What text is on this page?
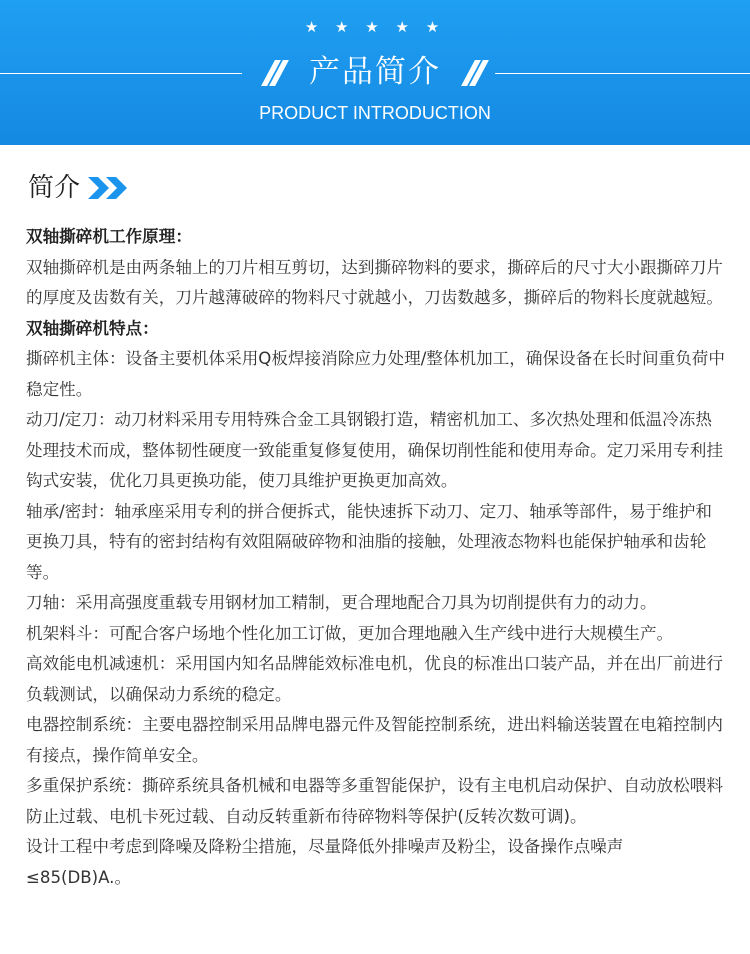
★ ★ ★ ★ ★
产品简介
PRODUCT INTRODUCTION
简介

双轴撕碎机工作原理：

双轴撕碎机是由两条轴上的刀片相互剪切，达到撕碎物料的要求，撕碎后的尺寸大小跟撕碎刀片的厚度及齿数有关，刀片越薄破碎的物料尺寸就越小，刀齿数越多，撕碎后的物料长度就越短。

双轴撕碎机特点：

撕碎机主体：设备主要机体采用Q板焊接消除应力处理/整体机加工，确保设备在长时间重负荷中稳定性。

动刀/定刀：动刀材料采用专用特殊合金工具钢锻打造，精密机加工、多次热处理和低温冷冻热处理技术而成，整体韧性硬度一致能重复修复使用，确保切削性能和使用寿命。定刀采用专利挂钩式安装，优化刀具更换功能，使刀具维护更换更加高效。

轴承/密封：轴承座采用专利的拼合便拆式，能快速拆下动刀、定刀、轴承等部件，易于维护和更换刀具，特有的密封结构有效阻隔破碎物和油脂的接触，处理液态物料也能保护轴承和齿轮等。

刀轴：采用高强度重载专用钢材加工精制，更合理地配合刀具为切削提供有力的动力。

机架料斗：可配合客户场地个性化加工订做，更加合理地融入生产线中进行大规模生产。

高效能电机减速机：采用国内知名品牌能效标准电机，优良的标准出口装产品，并在出厂前进行负载测试，以确保动力系统的稳定。

电器控制系统：主要电器控制采用品牌电器元件及智能控制系统，进出料输送装置在电箱控制内有接点，操作简单安全。

多重保护系统：撕碎系统具备机械和电器等多重智能保护，设有主电机启动保护、自动放松喂料防止过载、电机卡死过载、自动反转重新布待碎物料等保护(反转次数可调)。

设计工程中考虑到降噪及降粉尘措施，尽量降低外排噪声及粉尘，设备操作点噪声≤85(DB)A.。
